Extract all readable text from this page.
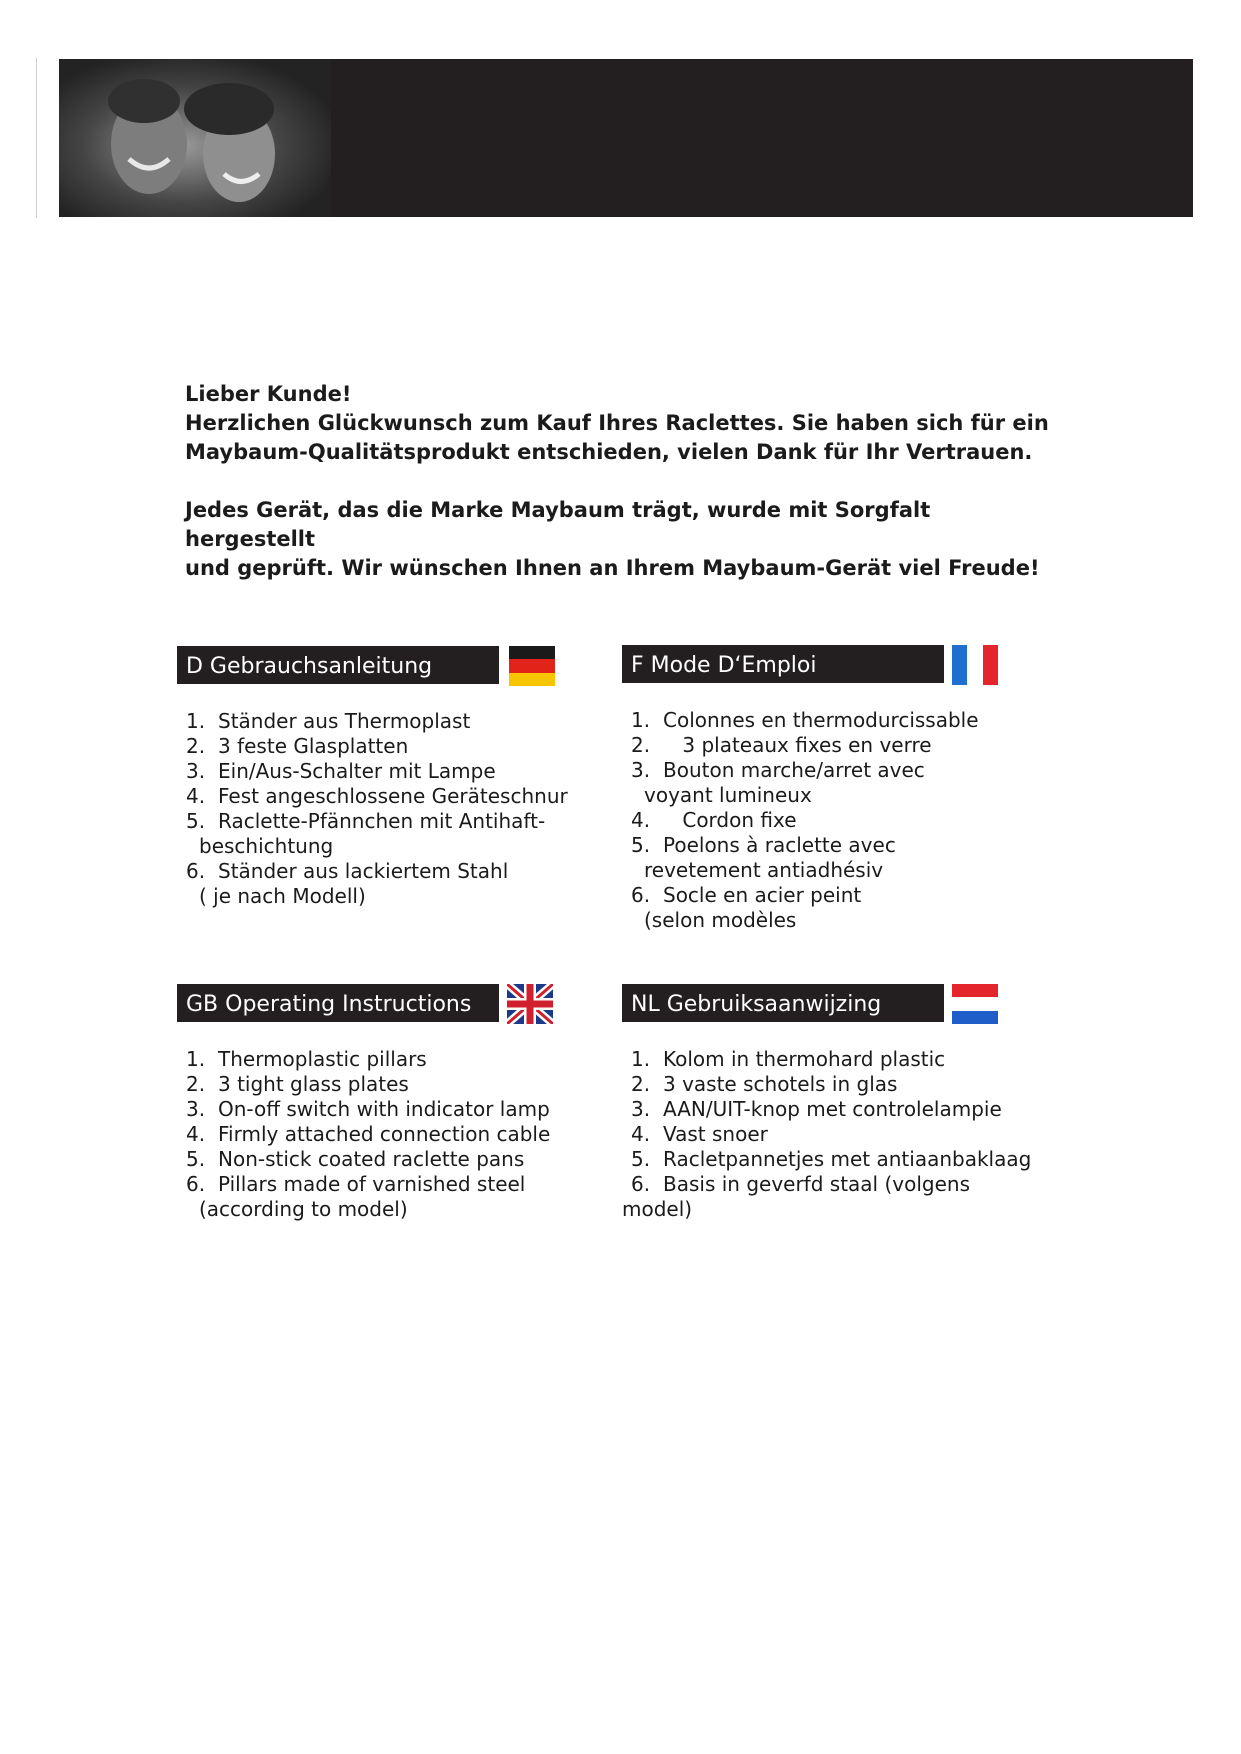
Lieber Kunde!

Herzlichen Glückwunsch zum Kauf Ihres Raclettes. Sie haben sich für ein

Maybaum-Qualitätsprodukt entschieden, vielen Dank für Ihr Vertrauen.

Jedes Gerät, das die Marke Maybaum trägt, wurde mit Sorgfalt hergestellt

und geprüft. Wir wünschen Ihnen an Ihrem Maybaum-Gerät viel Freude!

D Gebrauchsanleitung
1. Ständer aus Thermoplast
2. 3 feste Glasplatten
3. Ein/Aus-Schalter mit Lampe
4. Fest angeschlossene Geräteschnur
5. Raclette-Pfännchen mit Antihaft-
beschichtung
6. Ständer aus lackiertem Stahl
( je nach Modell)
F Mode D‘Emploi
1. Colonnes en thermodurcissable
2. 3 plateaux fixes en verre
3. Bouton marche/arret avec
voyant lumineux
4. Cordon fixe
5. Poelons à raclette avec
revetement antiadhésiv
6. Socle en acier peint
(selon modèles
GB Operating Instructions
1. Thermoplastic pillars
2. 3 tight glass plates
3. On-off switch with indicator lamp
4. Firmly attached connection cable
5. Non-stick coated raclette pans
6. Pillars made of varnished steel
(according to model)
NL Gebruiksaanwijzing
1. Kolom in thermohard plastic
2. 3 vaste schotels in glas
3. AAN/UIT-knop met controlelampie
4. Vast snoer
5. Racletpannetjes met antiaanbaklaag
6. Basis in geverfd staal (volgens model)
